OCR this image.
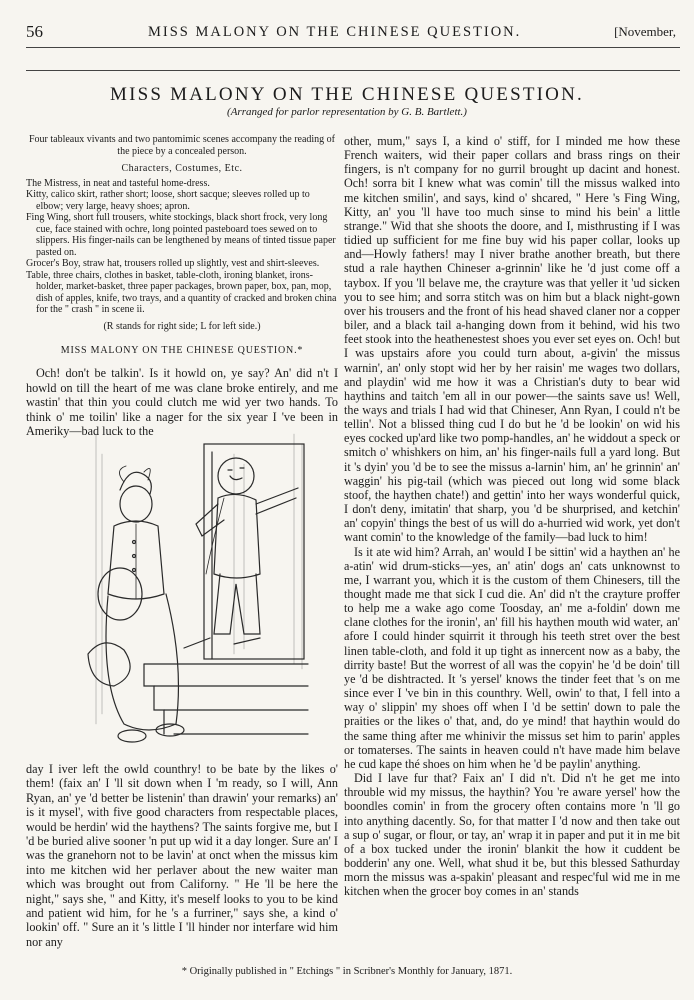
56	MISS MALONY ON THE CHINESE QUESTION.	[November,
MISS MALONY ON THE CHINESE QUESTION.
(Arranged for parlor representation by G. B. Bartlett.)

Four tableaux vivants and two pantomimic scenes accompany the reading of the piece by a concealed person.

Characters, Costumes, Etc.

The Mistress, in neat and tasteful home-dress.

Kitty, calico skirt, rather short; loose, short sacque; sleeves rolled up to elbow; very large, heavy shoes; apron.

Fing Wing, short full trousers, white stockings, black short frock, very long cue, face stained with ochre, long pointed pasteboard toes sewed on to slippers. His finger-nails can be lengthened by means of tinted tissue paper pasted on.

Grocer's Boy, straw hat, trousers rolled up slightly, vest and shirt-sleeves.

Table, three chairs, clothes in basket, table-cloth, ironing blanket, irons-holder, market-basket, three paper packages, brown paper, box, pan, mop, dish of apples, knife, two trays, and a quantity of cracked and broken china for the " crash " in scene ii.

(R stands for right side; L for left side.)

MISS MALONY ON THE CHINESE QUESTION.*

Och! don't be talkin'. Is it howld on, ye say? An' did n't I howld on till the heart of me was clane broke entirely, and me wastin' that thin you could clutch me wid yer two hands. To think o' me toilin' like a nager for the six year I 've been in Ameriky—bad luck to the

day I iver left the owld counthry! to be bate by the likes o' them! (faix an' I 'll sit down when I 'm ready, so I will, Ann Ryan, an' ye 'd better be listenin' than drawin' your remarks) an' is it mysel', with five good characters from respectable places, would be herdin' wid the haythens? The saints forgive me, but I 'd be buried alive sooner 'n put up wid it a day longer. Sure an' I was the granehorn not to be lavin' at onct when the missus kim into me kitchen wid her perlaver about the new waiter man which was brought out from Californy. " He 'll be here the night," says she, " and Kitty, it's meself looks to you to be kind and patient wid him, for he 's a furriner," says she, a kind o' lookin' off. " Sure an it 's little I 'll hinder nor interfare wid him nor any

other, mum," says I, a kind o' stiff, for I minded me how these French waiters, wid their paper collars and brass rings on their fingers, is n't company for no gurril brought up dacint and honest. Och! sorra bit I knew what was comin' till the missus walked into me kitchen smilin', and says, kind o' shcared, " Here 's Fing Wing, Kitty, an' you 'll have too much sinse to mind his bein' a little strange." Wid that she shoots the doore, and I, misthrusting if I was tidied up sufficient for me fine buy wid his paper collar, looks up and—Howly fathers! may I niver brathe another breath, but there stud a rale haythen Chineser a-grinnin' like he 'd just come off a taybox. If you 'll belave me, the crayture was that yeller it 'ud sicken you to see him; and sorra stitch was on him but a black night-gown over his trousers and the front of his head shaved claner nor a copper biler, and a black tail a-hanging down from it behind, wid his two feet stook into the heathenestest shoes you ever set eyes on. Och! but I was upstairs afore you could turn about, a-givin' the missus warnin', an' only stopt wid her by her raisin' me wages two dollars, and playdin' wid me how it was a Christian's duty to bear wid haythins and taitch 'em all in our power—the saints save us! Well, the ways and trials I had wid that Chineser, Ann Ryan, I could n't be tellin'. Not a blissed thing cud I do but he 'd be lookin' on wid his eyes cocked up'ard like two pomp-handles, an' he widdout a speck or smitch o' whishkers on him, an' his finger-nails full a yard long. But it 's dyin' you 'd be to see the missus a-larnin' him, an' he grinnin' an' waggin' his pig-tail (which was pieced out long wid some black stoof, the haythen chate!) and gettin' into her ways wonderful quick, I don't deny, imitatin' that sharp, you 'd be shurprised, and ketchin' an' copyin' things the best of us will do a-hurried wid work, yet don't want comin' to the knowledge of the family—bad luck to him!

Is it ate wid him? Arrah, an' would I be sittin' wid a haythen an' he a-atin' wid drum-sticks—yes, an' atin' dogs an' cats unknownst to me, I warrant you, which it is the custom of them Chinesers, till the thought made me that sick I cud die. An' did n't the crayture proffer to help me a wake ago come Toosday, an' me a-foldin' down me clane clothes for the ironin', an' fill his haythen mouth wid water, an' afore I could hinder squirrit it through his teeth stret over the best linen table-cloth, and fold it up tight as innercent now as a baby, the dirrity baste! But the worrest of all was the copyin' he 'd be doin' till ye 'd be dishtracted. It 's yersel' knows the tinder feet that 's on me since ever I 've bin in this counthry. Well, owin' to that, I fell into a way o' slippin' my shoes off when I 'd be settin' down to pale the praities or the likes o' that, and, do ye mind! that haythin would do the same thing after me whinivir the missus set him to parin' apples or tomaterses. The saints in heaven could n't have made him belave he cud kape thé shoes on him when he 'd be paylin' anything.

Did I lave fur that? Faix an' I did n't. Did n't he get me into throuble wid my missus, the haythin? You 're aware yersel' how the boondles comin' in from the grocery often contains more 'n 'll go into anything dacently. So, for that matter I 'd now and then take out a sup o' sugar, or flour, or tay, an' wrap it in paper and put it in me bit of a box tucked under the ironin' blankit the how it cuddent be bodderin' any one. Well, what shud it be, but this blessed Sathurday morn the missus was a-spakin' pleasant and respec'ful wid me in me kitchen when the grocer boy comes in an' stands

* Originally published in " Etchings " in Scribner's Monthly for January, 1871.
